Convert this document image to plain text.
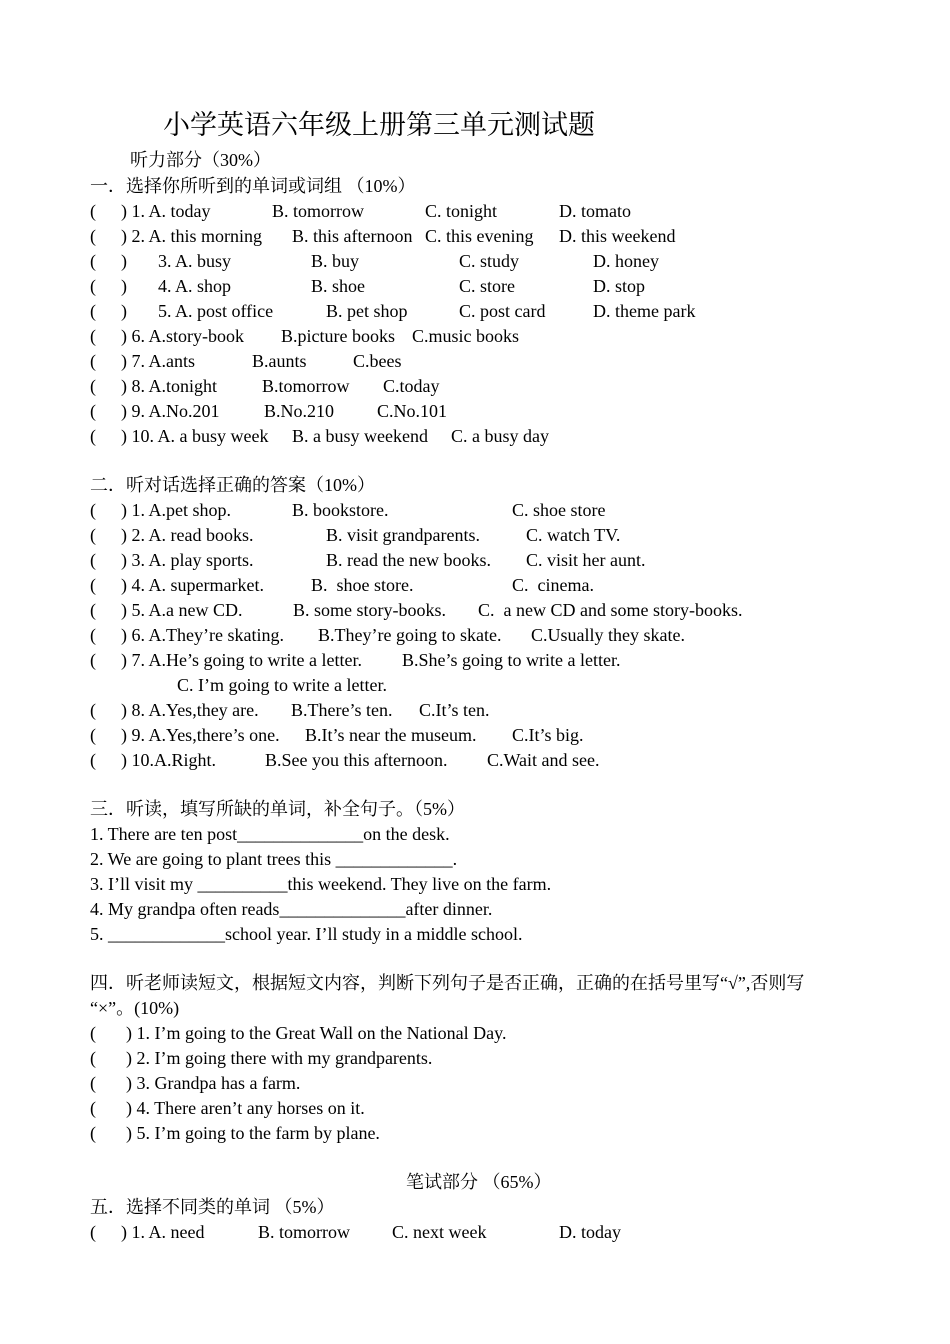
小学英语六年级上册第三单元测试题
听力部分（30%）
一．选择你所听到的单词或词组 （10%）
( ) 1. A. today	B. tomorrow	C. tonight	D. tomato
( ) 2. A. this morning B. this afternoon C. this evening D. this weekend
( ) 3. A. busy	B. buy	C. study	D. honey
( ) 4. A. shop	B. shoe	C. store	D. stop
( ) 5. A. post office	B. pet shop	C. post card	D. theme park
( ) 6. A.story-book B.picture books C.music books
( ) 7. A.ants	B.aunts	C.bees
( ) 8. A.tonight B.tomorrow C.today
( ) 9. A.No.201 B.No.210 C.No.101
( ) 10. A. a busy week B. a busy weekend C. a busy day
二．听对话选择正确的答案（10%）
( ) 1. A.pet shop.	B. bookstore.	C. shoe store
( ) 2. A. read books.	B. visit grandparents.	C. watch TV.
( ) 3. A. play sports.	B. read the new books. C. visit her aunt.
( ) 4. A. supermarket.	B.  shoe store.	C.  cinema.
( ) 5. A.a new CD.	B. some story-books. C.  a new CD and some story-books.
( ) 6. A.They’re skating. B.They’re going to skate. C.Usually they skate.
( ) 7. A.He’s going to write a letter. B.She’s going to write a letter.
C. I’m going to write a letter.
( ) 8. A.Yes,they are. B.There’s ten. C.It’s ten.
( ) 9. A.Yes,there’s one. B.It’s near the museum. C.It’s big.
( ) 10.A.Right.	B.See you this afternoon. C.Wait and see.
三．听读，填写所缺的单词，补全句子。（5%）
1. There are ten post______________on the desk.
2. We are going to plant trees this _____________.
3. I’ll visit my __________this weekend. They live on the farm.
4. My grandpa often reads______________after dinner.
5. _____________school year. I’ll study in a middle school.
四．听老师读短文，根据短文内容，判断下列句子是否正确，正确的在括号里写“√”,否则写
“×”。(10%)
( ) 1. I’m going to the Great Wall on the National Day.
( ) 2. I’m going there with my grandparents.
( ) 3. Grandpa has a farm.
( ) 4. There aren’t any horses on it.
( ) 5. I’m going to the farm by plane.
笔试部分 （65%）
五．选择不同类的单词 （5%）
( ) 1. A. need	B. tomorrow C. next week	D. today
